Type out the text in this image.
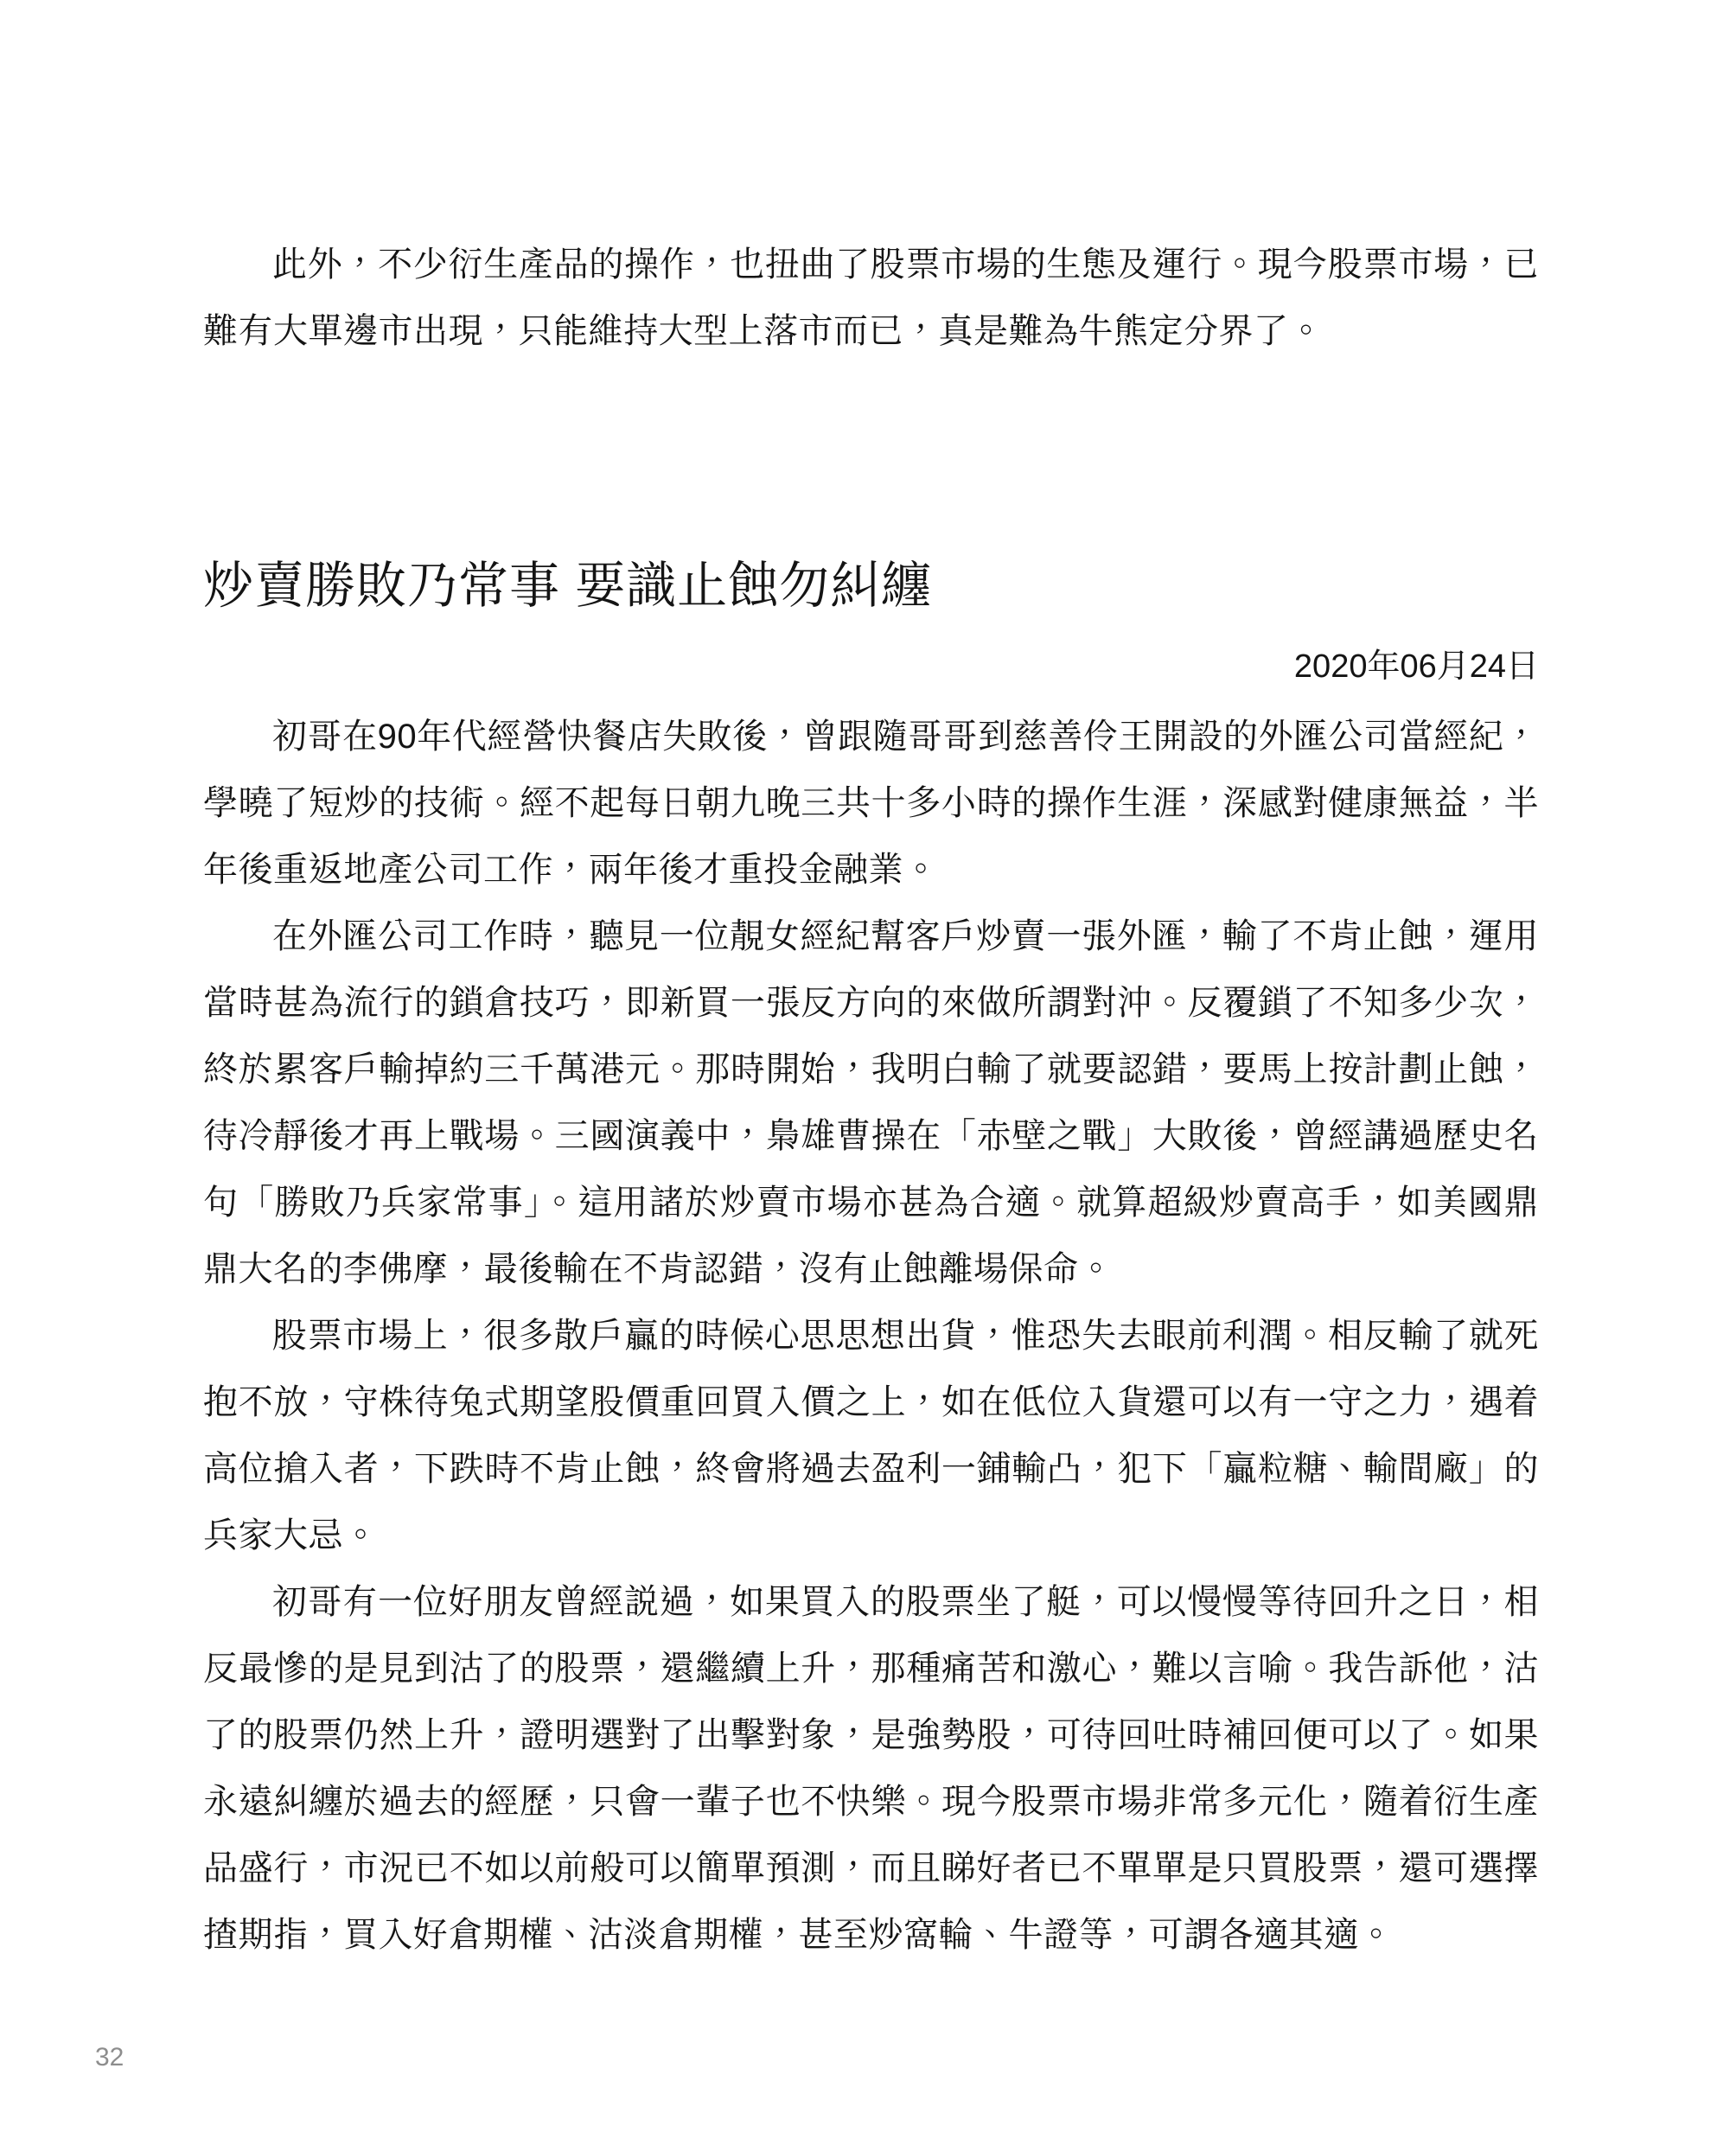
此外，不少衍生產品的操作，也扭曲了股票市場的生態及運行。現今股票市場，已難有大單邊市出現，只能維持大型上落市而已，真是難為牛熊定分界了。

炒賣勝敗乃常事 要識止蝕勿糾纏

2020年06月24日

初哥在90年代經營快餐店失敗後，曾跟隨哥哥到慈善伶王開設的外匯公司當經紀，學曉了短炒的技術。經不起每日朝九晚三共十多小時的操作生涯，深感對健康無益，半年後重返地產公司工作，兩年後才重投金融業。

在外匯公司工作時，聽見一位靚女經紀幫客戶炒賣一張外匯，輸了不肯止蝕，運用當時甚為流行的鎖倉技巧，即新買一張反方向的來做所謂對沖。反覆鎖了不知多少次，終於累客戶輸掉約三千萬港元。那時開始，我明白輸了就要認錯，要馬上按計劃止蝕，待冷靜後才再上戰場。三國演義中，梟雄曹操在「赤壁之戰」大敗後，曾經講過歷史名句「勝敗乃兵家常事」。這用諸於炒賣市場亦甚為合適。就算超級炒賣高手，如美國鼎鼎大名的李佛摩，最後輸在不肯認錯，沒有止蝕離場保命。

股票市場上，很多散戶贏的時候心思思想出貨，惟恐失去眼前利潤。相反輸了就死抱不放，守株待兔式期望股價重回買入價之上，如在低位入貨還可以有一守之力，遇着高位搶入者，下跌時不肯止蝕，終會將過去盈利一鋪輸凸，犯下「贏粒糖、輸間廠」的兵家大忌。

初哥有一位好朋友曾經説過，如果買入的股票坐了艇，可以慢慢等待回升之日，相反最慘的是見到沽了的股票，還繼續上升，那種痛苦和激心，難以言喻。我告訴他，沽了的股票仍然上升，證明選對了出擊對象，是強勢股，可待回吐時補回便可以了。如果永遠糾纏於過去的經歷，只會一輩子也不快樂。現今股票市場非常多元化，隨着衍生產品盛行，市況已不如以前般可以簡單預測，而且睇好者已不單單是只買股票，還可選擇揸期指，買入好倉期權、沽淡倉期權，甚至炒窩輪、牛證等，可謂各適其適。

32
